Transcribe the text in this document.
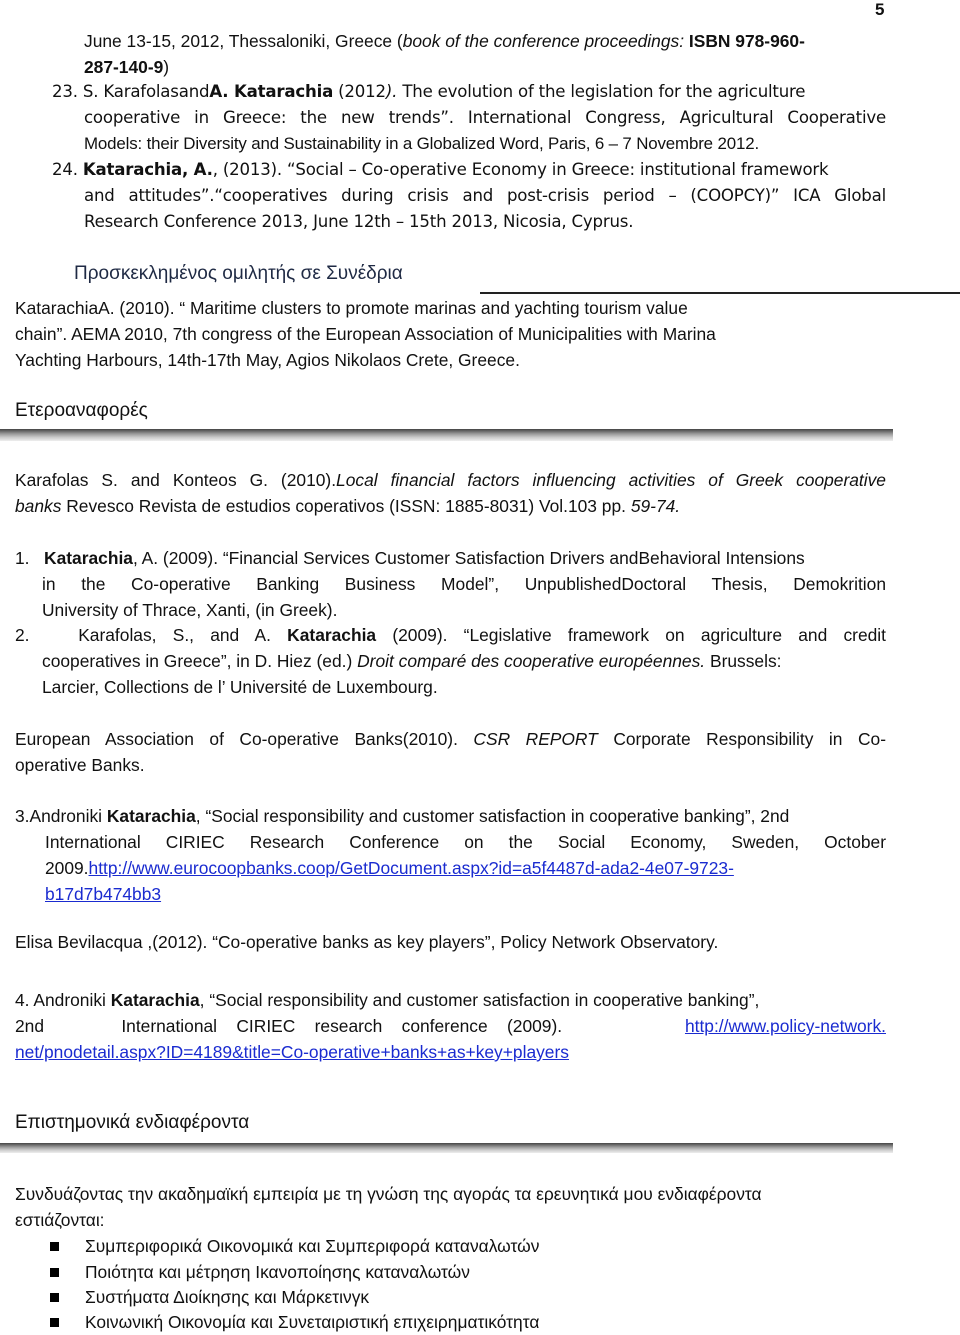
5
June 13-15, 2012, Thessaloniki, Greece (book of the conference proceedings: ISBN 978-960-
287-140-9)
23. S. KarafolasandA. Katarachia (2012). The evolution of the legislation for the agriculture
cooperative in Greece: the new trends”. International Congress, Agricultural Cooperative
Models: their Diversity and Sustainability in a Globalized Word, Paris, 6 – 7 Novembre 2012.
24. Katarachia, A., (2013). “Social – Co-operative Economy in Greece: institutional framework
and attitudes”.“cooperatives during crisis and post-crisis period – (COOPCY)” ICA Global
Research Conference 2013, June 12th – 15th 2013, Nicosia, Cyprus.
Προσκεκλημένος ομιλητής σε Συνέδρια
KatarachiaA. (2010). “ Maritime clusters to promote marinas and yachting tourism value
chain”. AEMA 2010, 7th congress of the European Association of Municipalities with Marina
Yachting Harbours, 14th-17th May, Agios Nikolaos Crete, Greece.
Ετεροαναφορές
Karafolas S. and Konteos G. (2010).Local financial factors influencing activities of Greek cooperative
banks Revesco Revista de estudios coperativos (ISSN: 1885-8031) Vol.103 pp. 59-74.
1. Katarachia, A. (2009). “Financial Services Customer Satisfaction Drivers andBehavioral Intensions
in the Co-operative Banking Business Model”, UnpublishedDoctoral Thesis, Demokrition
University of Thrace, Xanti, (in Greek).
2.	Karafolas, S., and A. Katarachia (2009). “Legislative framework on agriculture and credit
cooperatives in Greece”, in D. Hiez (ed.) Droit comparé des cooperative européennes. Brussels:
Larcier, Collections de l’ Université de Luxembourg.
European Association of Co-operative Banks(2010). CSR REPORT Corporate Responsibility in Co-
operative Banks.
3.Androniki Katarachia, “Social responsibility and customer satisfaction in cooperative banking”, 2nd
International CIRIEC Research Conference on the Social Economy, Sweden, October
2009.http://www.eurocoopbanks.coop/GetDocument.aspx?id=a5f4487d-ada2-4e07-9723-
b17d7b474bb3
Elisa Bevilacqua ,(2012). “Co-operative banks as key players”, Policy Network Observatory.
4. Androniki Katarachia, “Social responsibility and customer satisfaction in cooperative banking”,
2nd                International    CIRIEC    research    conference    (2009).	http://www.policy-network.
net/pnodetail.aspx?ID=4189&title=Co-operative+banks+as+key+players
Επιστημονικά ενδιαφέροντα
Συνδυάζοντας την ακαδημαϊκή εμπειρία με τη γνώση της αγοράς τα ερευνητικά μου ενδιαφέροντα
εστιάζονται:
Συμπεριφορικά Οικονομικά και Συμπεριφορά καταναλωτών
Ποιότητα και μέτρηση Ικανοποίησης καταναλωτών
Συστήματα Διοίκησης και Μάρκετινγκ
Κοινωνική Οικονομία και Συνεταιριστική επιχειρηματικότητα
